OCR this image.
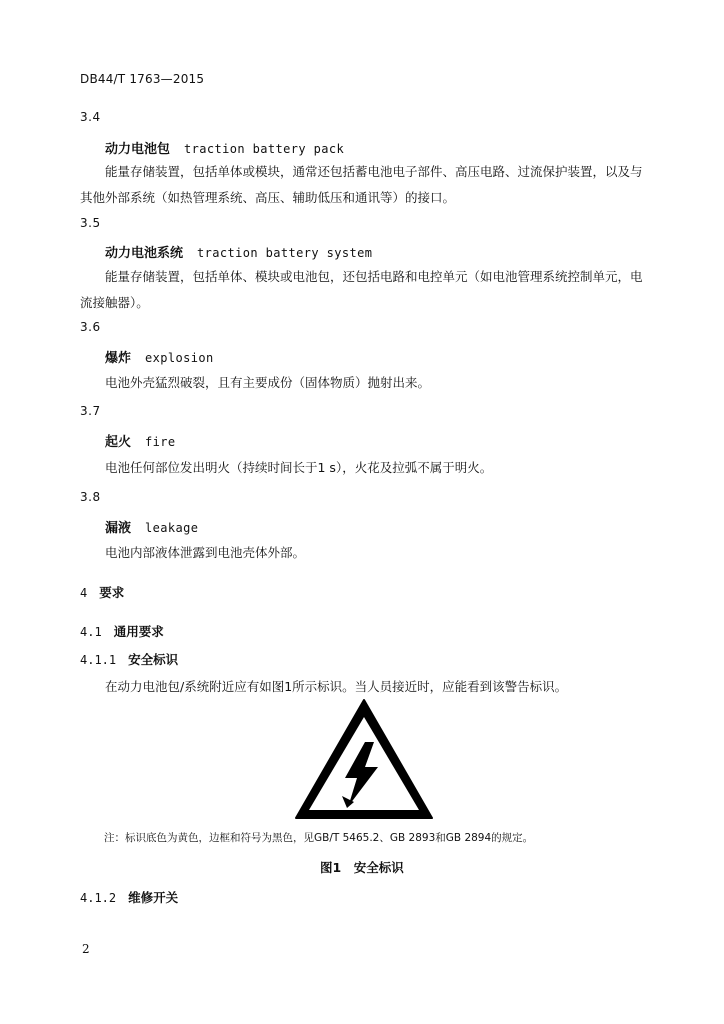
DB44/T 1763—2015
3.4
动力电池包 traction battery pack
能量存储装置，包括单体或模块，通常还包括蓄电池电子部件、高压电路、过流保护装置，以及与其他外部系统（如热管理系统、高压、辅助低压和通讯等）的接口。
3.5
动力电池系统 traction battery system
能量存储装置，包括单体、模块或电池包，还包括电路和电控单元（如电池管理系统控制单元，电流接触器）。
3.6
爆炸 explosion
电池外壳猛烈破裂，且有主要成份（固体物质）抛射出来。
3.7
起火 fire
电池任何部位发出明火（持续时间长于1 s），火花及拉弧不属于明火。
3.8
漏液 leakage
电池内部液体泄露到电池壳体外部。
4 要求
4.1 通用要求
4.1.1 安全标识
在动力电池包/系统附近应有如图1所示标识。当人员接近时，应能看到该警告标识。
注：标识底色为黄色，边框和符号为黑色，见GB/T 5465.2、GB 2893和GB 2894的规定。
图1　安全标识
4.1.2 维修开关
2
